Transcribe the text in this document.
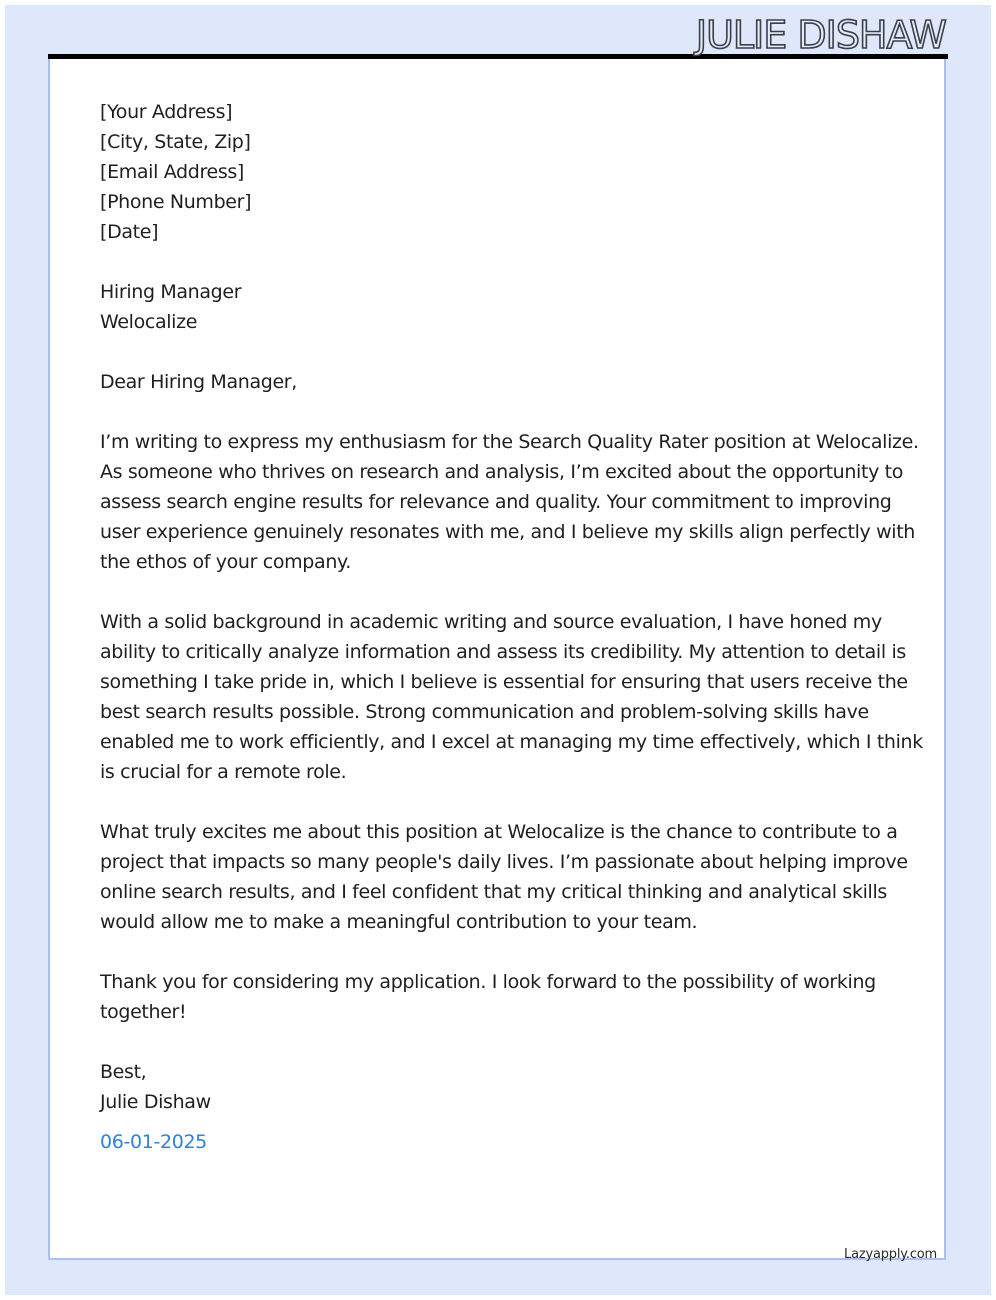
JULIE DISHAW
[Your Address]
[City, State, Zip]
[Email Address]
[Phone Number]
[Date]
Hiring Manager
Welocalize
Dear Hiring Manager,

I’m writing to express my enthusiasm for the Search Quality Rater position at Welocalize.
As someone who thrives on research and analysis, I’m excited about the opportunity to
assess search engine results for relevance and quality. Your commitment to improving
user experience genuinely resonates with me, and I believe my skills align perfectly with
the ethos of your company.

With a solid background in academic writing and source evaluation, I have honed my
ability to critically analyze information and assess its credibility. My attention to detail is
something I take pride in, which I believe is essential for ensuring that users receive the
best search results possible. Strong communication and problem-solving skills have
enabled me to work efficiently, and I excel at managing my time effectively, which I think
is crucial for a remote role.

What truly excites me about this position at Welocalize is the chance to contribute to a
project that impacts so many people's daily lives. I’m passionate about helping improve
online search results, and I feel confident that my critical thinking and analytical skills
would allow me to make a meaningful contribution to your team.

Thank you for considering my application. I look forward to the possibility of working
together!

Best,
Julie Dishaw
06-01-2025
Lazyapply.com
